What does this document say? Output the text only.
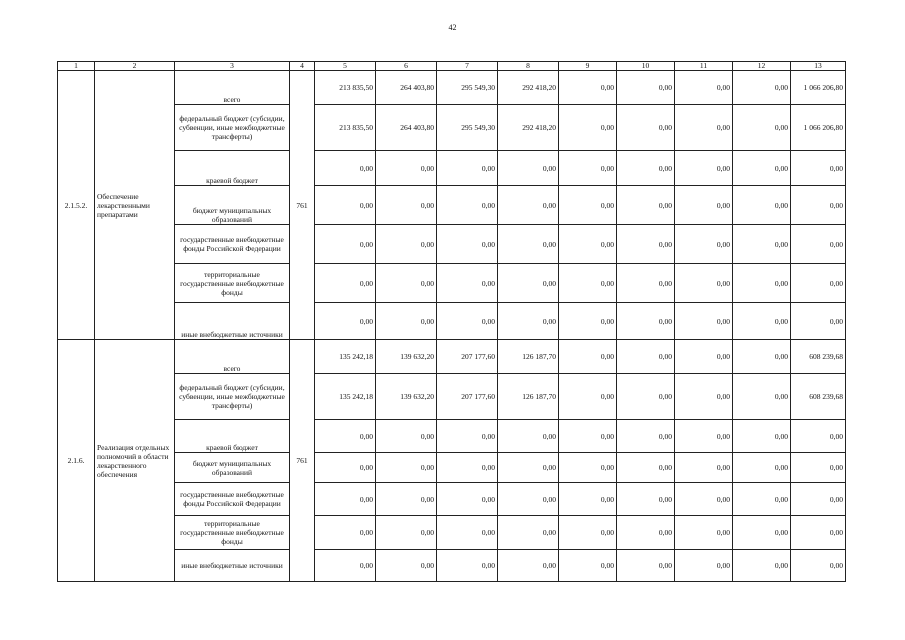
42
1	2	3	4	5	6	7	8	9	10	11	12	13
2.1.5.2.	Обеспечение лекарственными препаратами	всего	761	213 835,50	264 403,80	295 549,30	292 418,20	0,00	0,00	0,00	0,00	1 066 206,80
		федеральный бюджет (субсидии, субвенции, иные межбюджетные трансферты)		213 835,50	264 403,80	295 549,30	292 418,20	0,00	0,00	0,00	0,00	1 066 206,80
		краевой бюджет		0,00	0,00	0,00	0,00	0,00	0,00	0,00	0,00	0,00
		бюджет муниципальных образований		0,00	0,00	0,00	0,00	0,00	0,00	0,00	0,00	0,00
		государственные внебюджетные фонды Российской Федерации		0,00	0,00	0,00	0,00	0,00	0,00	0,00	0,00	0,00
		территориальные государственные внебюджетные фонды		0,00	0,00	0,00	0,00	0,00	0,00	0,00	0,00	0,00
		иные внебюджетные источники		0,00	0,00	0,00	0,00	0,00	0,00	0,00	0,00	0,00
2.1.6.	Реализация отдельных полномочий в области лекарственного обеспечения	всего	761	135 242,18	139 632,20	207 177,60	126 187,70	0,00	0,00	0,00	0,00	608 239,68
		федеральный бюджет (субсидии, субвенции, иные межбюджетные трансферты)		135 242,18	139 632,20	207 177,60	126 187,70	0,00	0,00	0,00	0,00	608 239,68
		краевой бюджет		0,00	0,00	0,00	0,00	0,00	0,00	0,00	0,00	0,00
		бюджет муниципальных образований		0,00	0,00	0,00	0,00	0,00	0,00	0,00	0,00	0,00
		государственные внебюджетные фонды Российской Федерации		0,00	0,00	0,00	0,00	0,00	0,00	0,00	0,00	0,00
		территориальные государственные внебюджетные фонды		0,00	0,00	0,00	0,00	0,00	0,00	0,00	0,00	0,00
		иные внебюджетные источники		0,00	0,00	0,00	0,00	0,00	0,00	0,00	0,00	0,00
